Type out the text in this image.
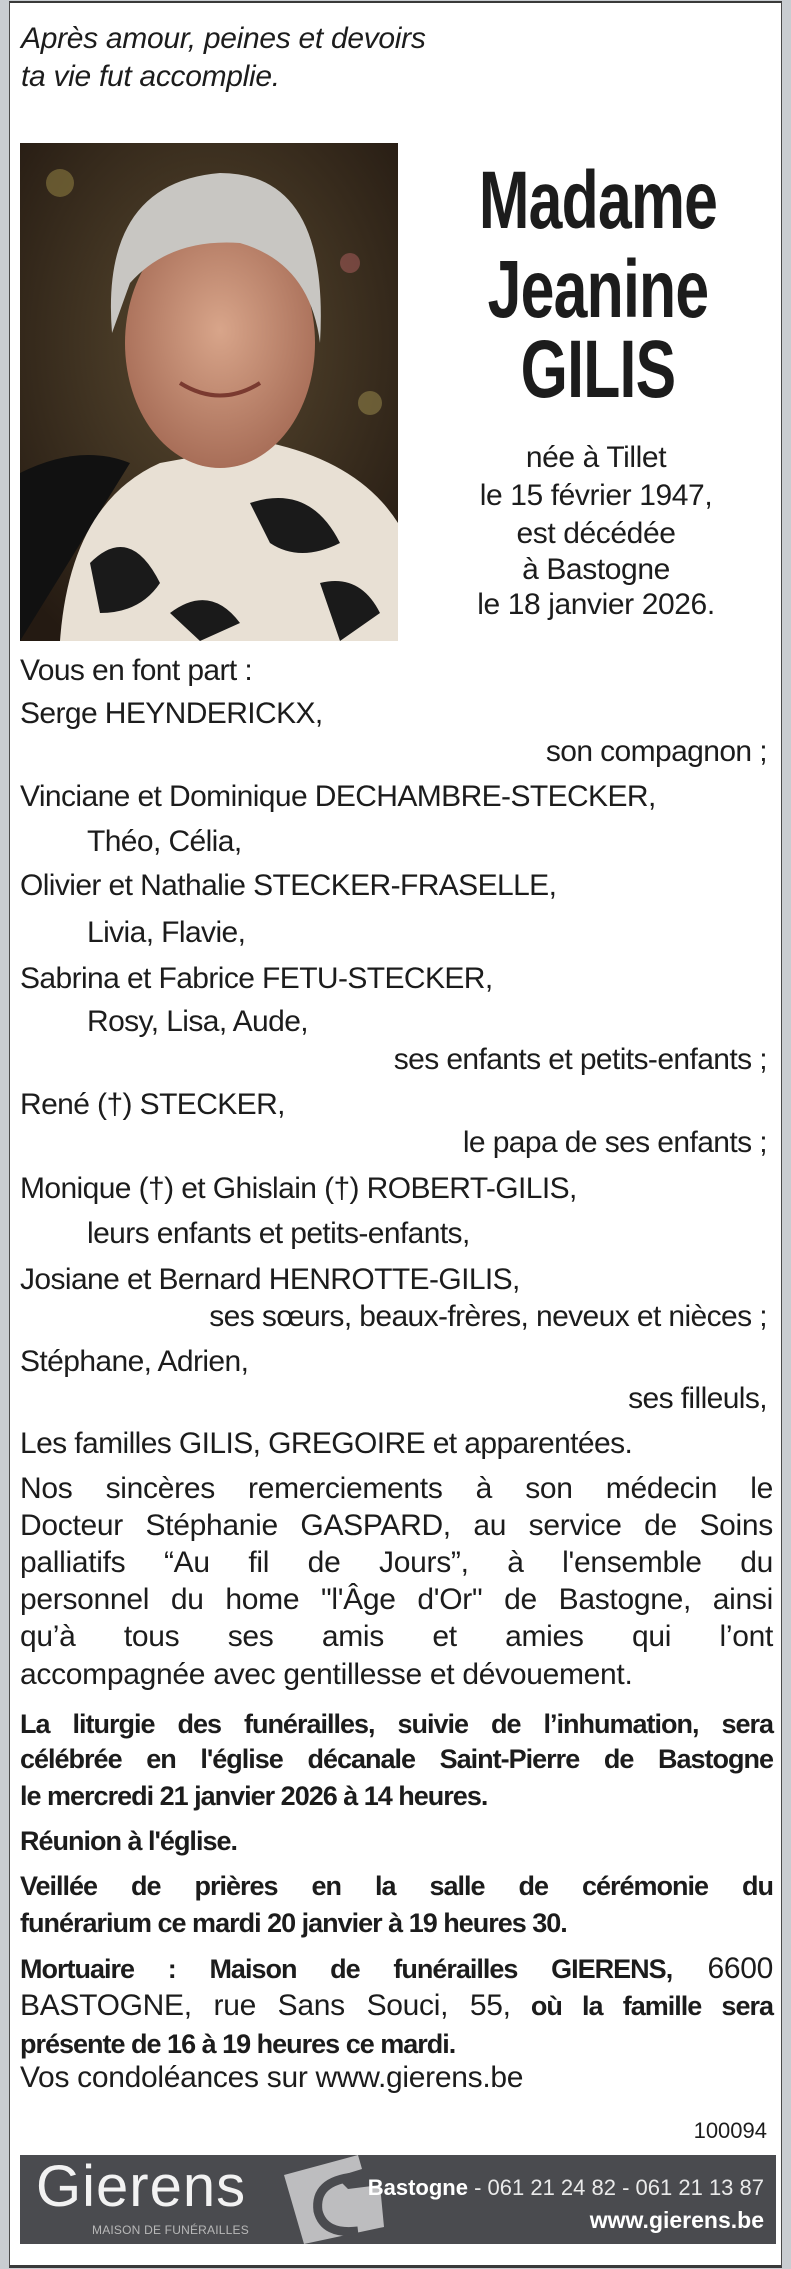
Après amour, peines et devoirs
ta vie fut accomplie.
Madame
Jeanine
GILIS
née à Tillet
le 15 février 1947,
est décédée
à Bastogne
le 18 janvier 2026.
Vous en font part :
Serge HEYNDERICKX,
son compagnon ;
Vinciane et Dominique DECHAMBRE-STECKER,
Théo, Célia,
Olivier et Nathalie STECKER-FRASELLE,
Livia, Flavie,
Sabrina et Fabrice FETU-STECKER,
Rosy, Lisa, Aude,
ses enfants et petits-enfants ;
René (†) STECKER,
le papa de ses enfants ;
Monique (†) et Ghislain (†) ROBERT-GILIS,
leurs enfants et petits-enfants,
Josiane et Bernard HENROTTE-GILIS,
ses sœurs, beaux-frères, neveux et nièces ;
Stéphane, Adrien,
ses filleuls,
Les familles GILIS, GREGOIRE et apparentées.
Nos sincères remerciements à son médecin le
Docteur Stéphanie GASPARD, au service de Soins
palliatifs “Au fil de Jours”, à l'ensemble du
personnel du home "l'Âge d'Or" de Bastogne, ainsi
qu’à tous ses amis et amies qui l’ont
accompagnée avec gentillesse et dévouement.
La liturgie des funérailles, suivie de l’inhumation, sera
célébrée en l'église décanale Saint-Pierre de Bastogne
le mercredi 21 janvier 2026 à 14 heures.
Réunion à l'église.
Veillée de prières en la salle de cérémonie du
funérarium ce mardi 20 janvier à 19 heures 30.
Mortuaire : Maison de funérailles GIERENS, 6600
BASTOGNE, rue Sans Souci, 55, où la famille sera
présente de 16 à 19 heures ce mardi.
Vos condoléances sur www.gierens.be
100094
Gierens
MAISON DE FUNÉRAILLES
Bastogne - 061 21 24 82 - 061 21 13 87
www.gierens.be
